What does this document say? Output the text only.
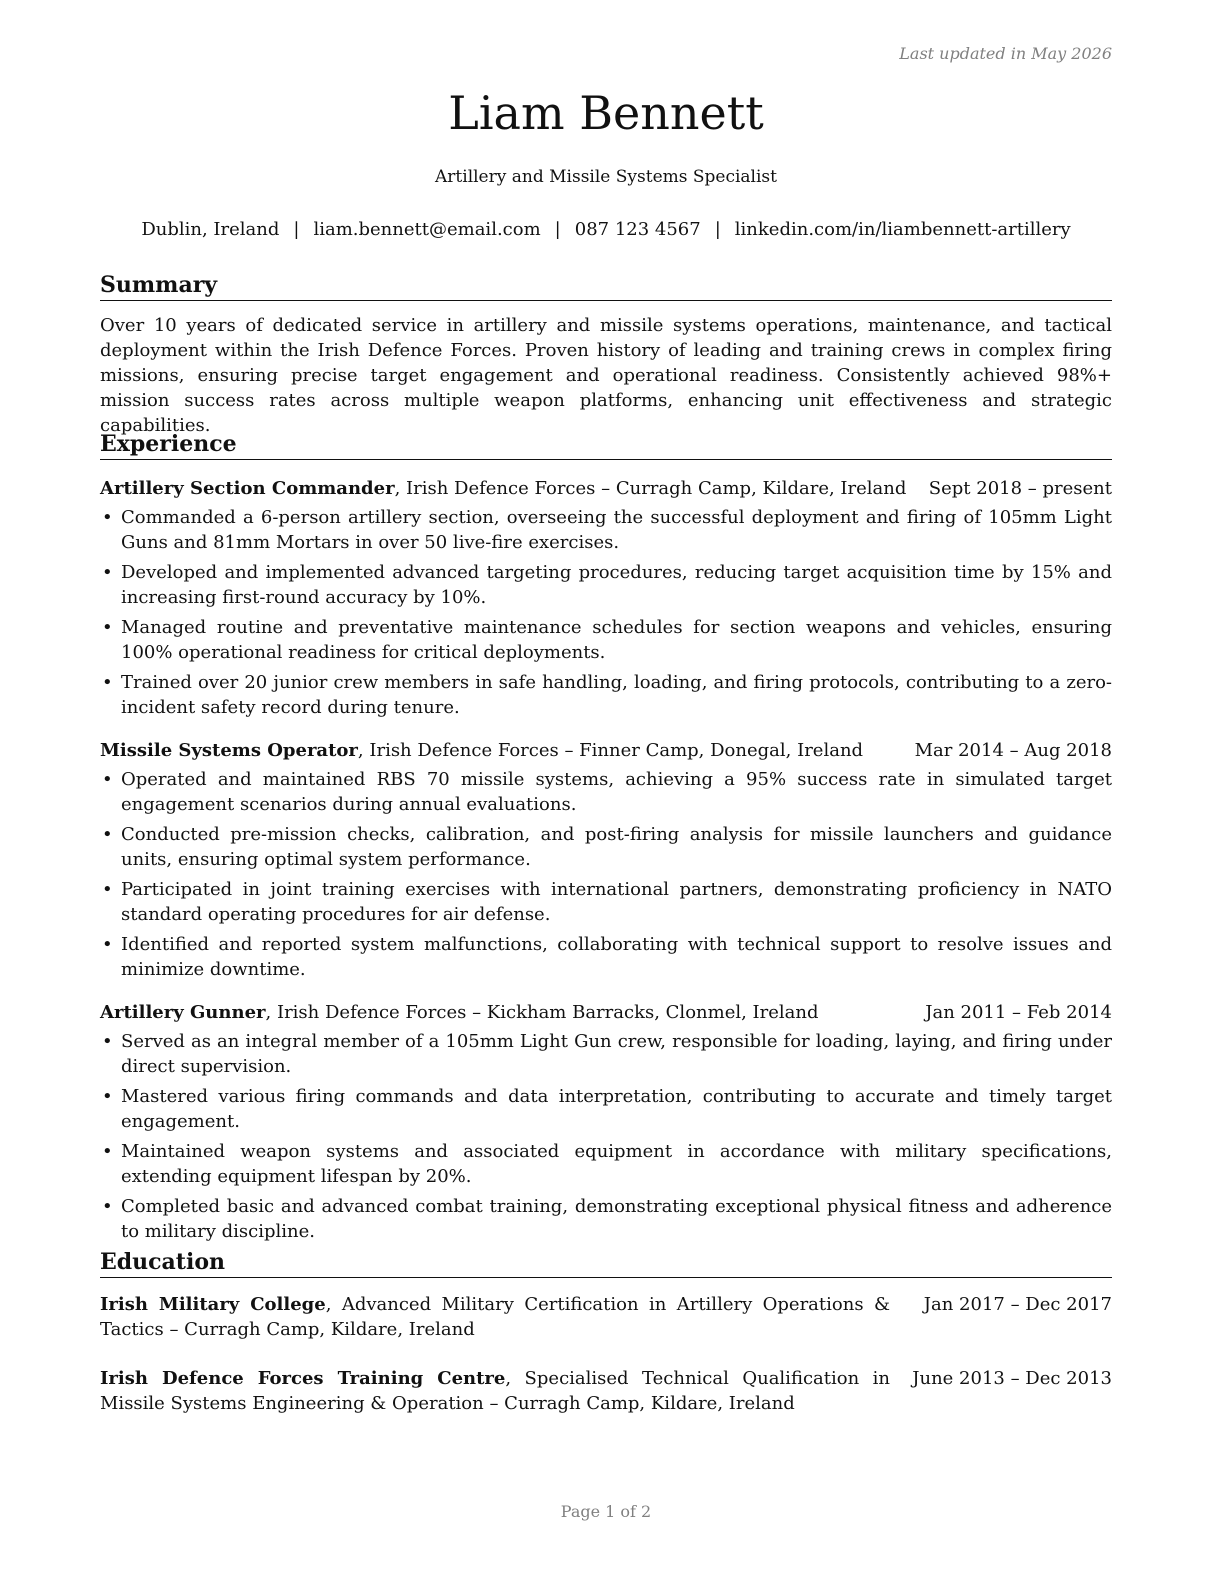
Last updated in May 2026
Liam Bennett
Artillery and Missile Systems Specialist
Dublin, Ireland | liam.bennett@email.com | 087 123 4567 | linkedin.com/in/liambennett-artillery
Summary
Over 10 years of dedicated service in artillery and missile systems operations, maintenance, and tactical deployment within the Irish Defence Forces. Proven history of leading and training crews in complex firing missions, ensuring precise target engagement and operational readiness. Consistently achieved 98%+ mission success rates across multiple weapon platforms, enhancing unit effectiveness and strategic capabilities.
Experience
Artillery Section Commander, Irish Defence Forces – Curragh Camp, Kildare, Ireland Sept 2018 – present
• Commanded a 6-person artillery section, overseeing the successful deployment and firing of 105mm Light Guns and 81mm Mortars in over 50 live-fire exercises.
• Developed and implemented advanced targeting procedures, reducing target acquisition time by 15% and increasing first-round accuracy by 10%.
• Managed routine and preventative maintenance schedules for section weapons and vehicles, ensuring 100% operational readiness for critical deployments.
• Trained over 20 junior crew members in safe handling, loading, and firing protocols, contributing to a zero-incident safety record during tenure.
Missile Systems Operator, Irish Defence Forces – Finner Camp, Donegal, Ireland	Mar 2014 – Aug 2018
• Operated and maintained RBS 70 missile systems, achieving a 95% success rate in simulated target engagement scenarios during annual evaluations.
• Conducted pre-mission checks, calibration, and post-firing analysis for missile launchers and guidance units, ensuring optimal system performance.
• Participated in joint training exercises with international partners, demonstrating proficiency in NATO standard operating procedures for air defense.
• Identified and reported system malfunctions, collaborating with technical support to resolve issues and minimize downtime.
Artillery Gunner, Irish Defence Forces – Kickham Barracks, Clonmel, Ireland	Jan 2011 – Feb 2014
• Served as an integral member of a 105mm Light Gun crew, responsible for loading, laying, and firing under direct supervision.
• Mastered various firing commands and data interpretation, contributing to accurate and timely target engagement.
• Maintained weapon systems and associated equipment in accordance with military specifications, extending equipment lifespan by 20%.
• Completed basic and advanced combat training, demonstrating exceptional physical fitness and adherence to military discipline.
Education
Irish Military College, Advanced Military Certification in Artillery Operations & Tactics – Curragh Camp, Kildare, Ireland
Jan 2017 – Dec 2017
Irish Defence Forces Training Centre, Specialised Technical Qualification in Missile Systems Engineering & Operation – Curragh Camp, Kildare, Ireland
June 2013 – Dec 2013
Page 1 of 2
